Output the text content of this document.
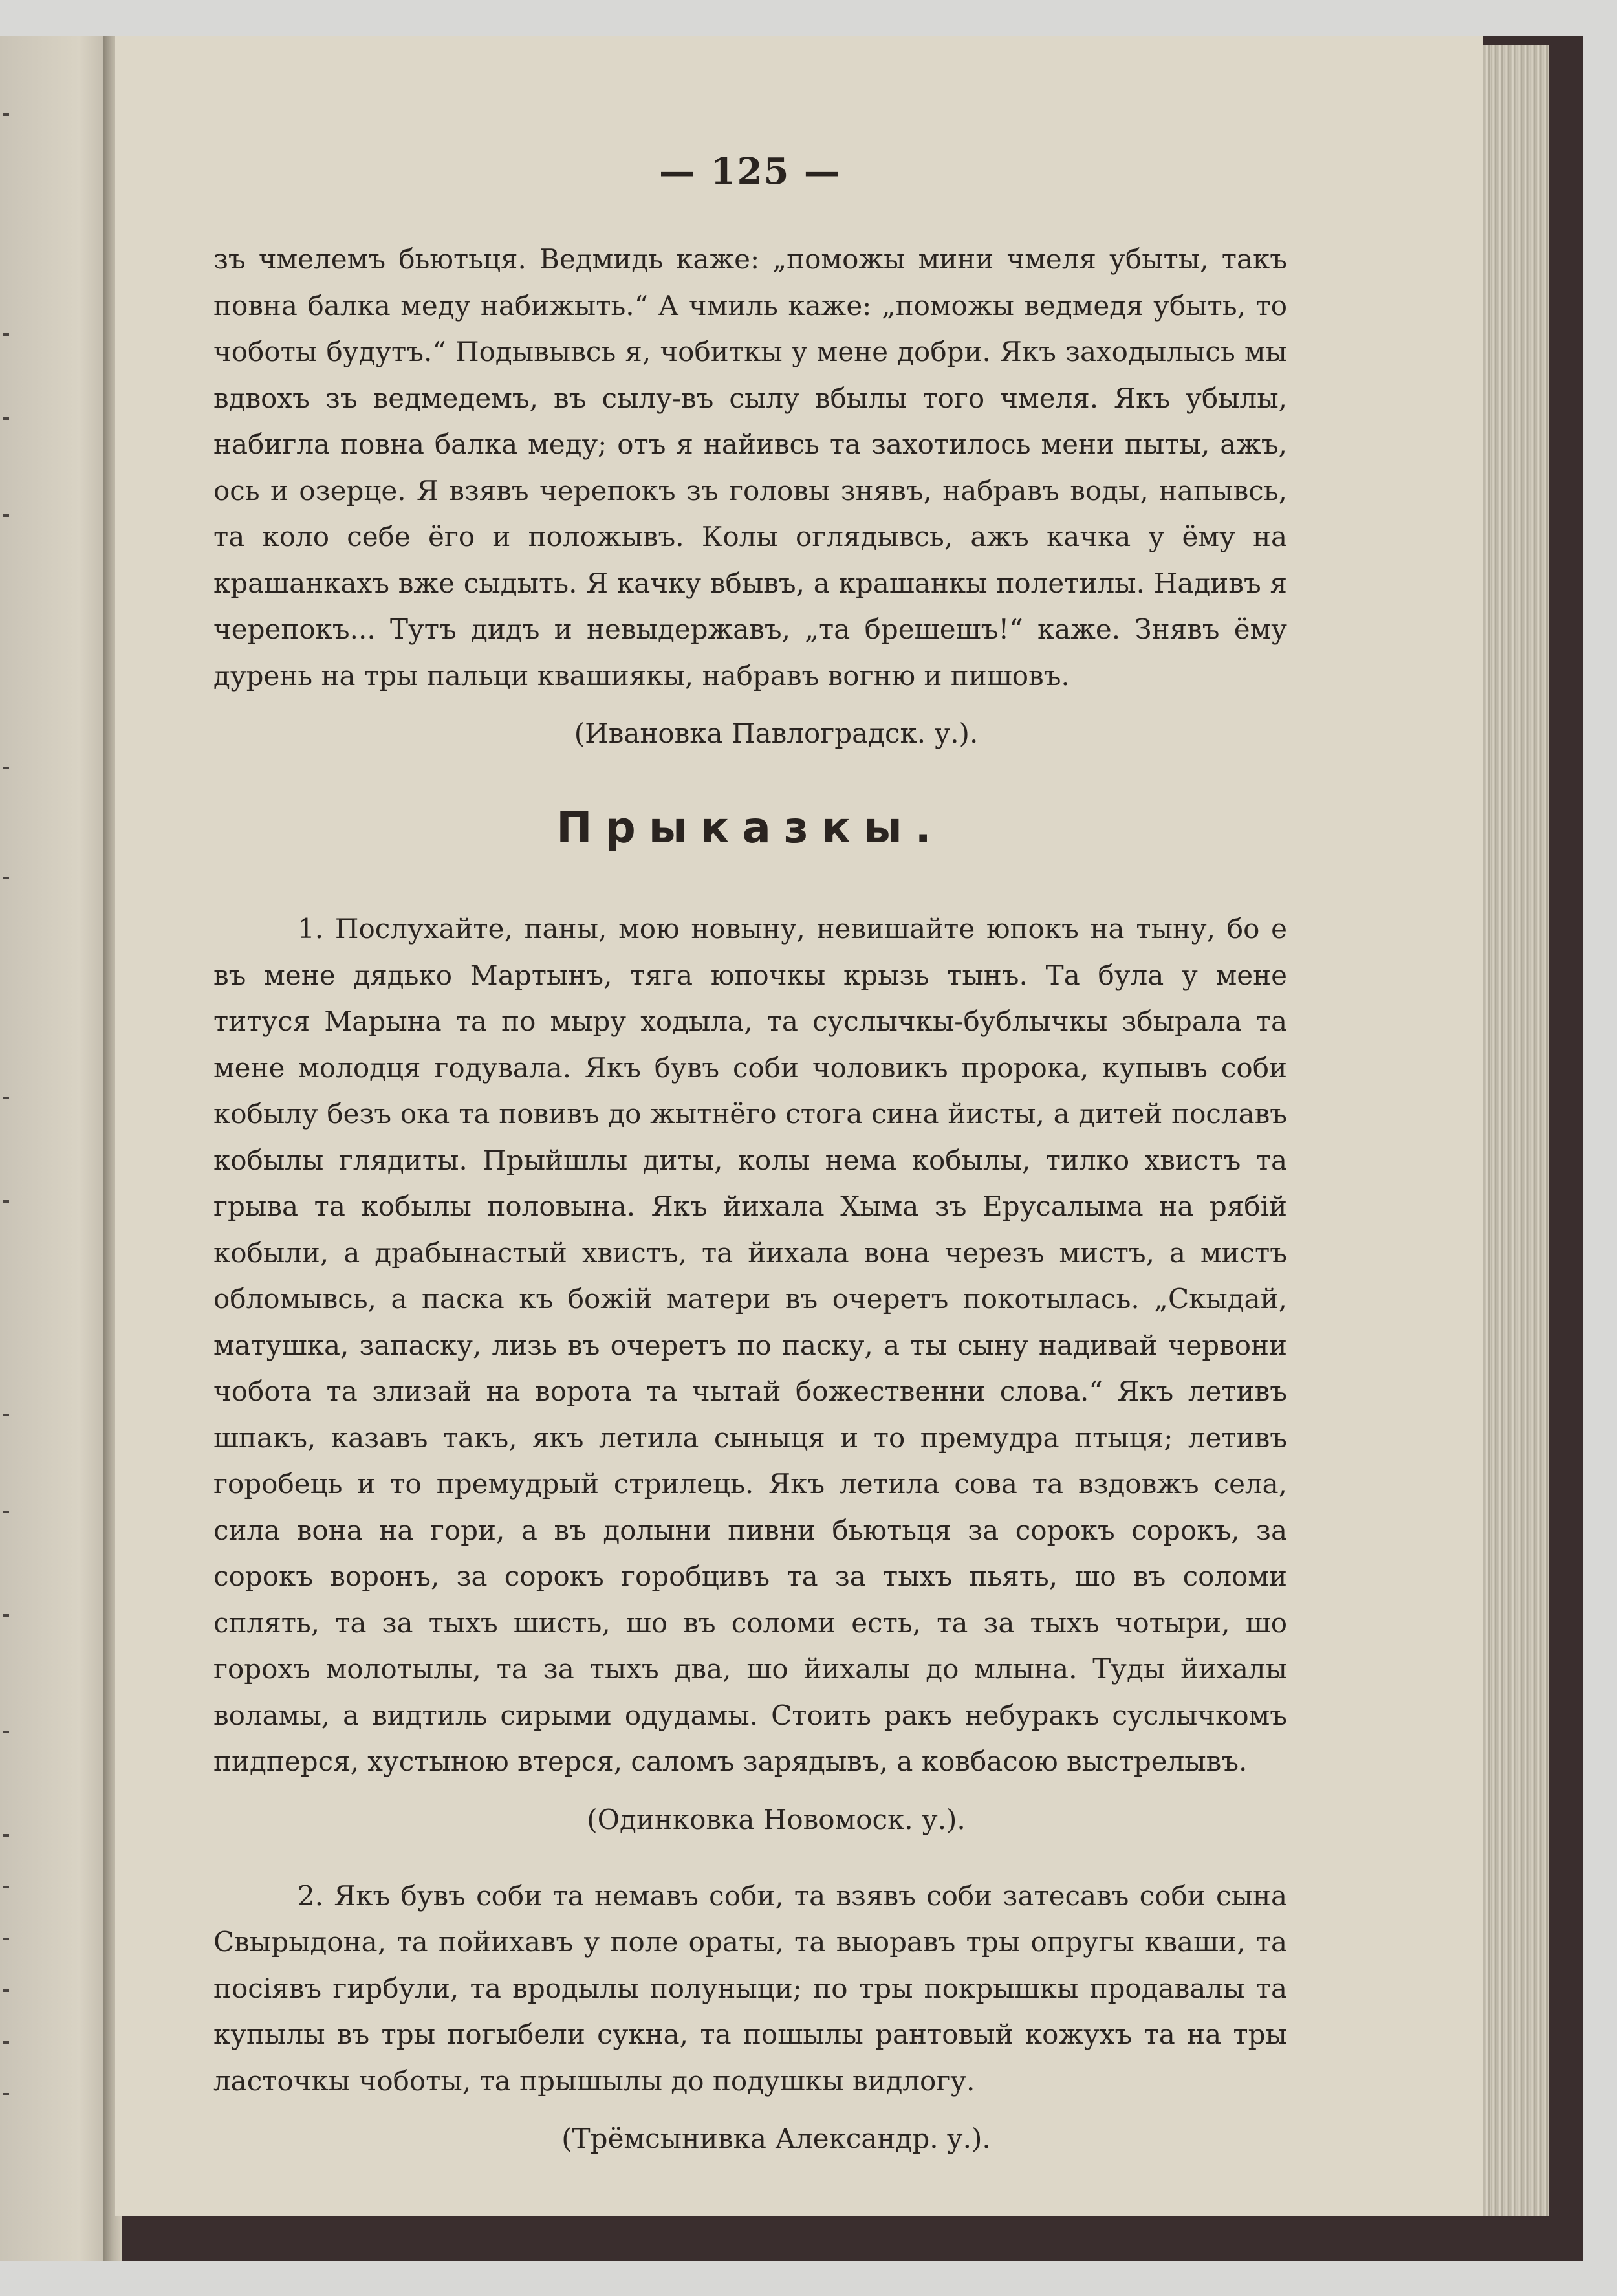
— 125 —

зъ чмелемъ бьютьця. Ведмидь каже: „поможы мини чмеля убыты, такъ повна балка меду набижыть.“ А чмиль каже: „поможы ведмедя убыть, то чоботы будутъ.“ Подывывсь я, чобиткы у мене добри. Якъ заходылысь мы вдвохъ зъ ведмедемъ, въ сылу-въ сылу вбылы того чмеля. Якъ убылы, набигла повна балка меду; отъ я найивсь та захотилось мени пыты, ажъ, ось и озерце. Я взявъ черепокъ зъ головы знявъ, набравъ воды, напывсь, та коло себе ёго и положывъ. Колы оглядывсь, ажъ качка у ёму на крашанкахъ вже сыдыть. Я качку вбывъ, а крашанкы полетилы. Надивъ я черепокъ... Тутъ дидъ и невыдержавъ, „та брешешъ!“ каже. Знявъ ёму дурень на тры пальци квашиякы, набравъ вогню и пишовъ.

(Ивановка Павлоградск. у.).

Прыказкы.

1. Послухайте, паны, мою новыну, невишайте юпокъ на тыну, бо е въ мене дядько Мартынъ, тяга юпочкы крызь тынъ. Та була у мене титуся Марына та по мыру ходыла, та суслычкы-бублычкы збырала та мене молодця годувала. Якъ бувъ соби чоловикъ пророка, купывъ соби кобылу безъ ока та повивъ до жытнёго стога сина йисты, а дитей пославъ кобылы глядиты. Прыйшлы диты, колы нема кобылы, тилко хвистъ та грыва та кобылы половына. Якъ йихала Хыма зъ Ерусалыма на рябій кобыли, а драбынастый хвистъ, та йихала вона черезъ мистъ, а мистъ обломывсь, а паска къ божій матери въ очеретъ покотылась. „Скыдай, матушка, запаску, лизь въ очеретъ по паску, а ты сыну надивай червони чобота та злизай на ворота та чытай божественни слова.“ Якъ летивъ шпакъ, казавъ такъ, якъ летила сыныця и то премудра птыця; летивъ горобець и то премудрый стрилець. Якъ летила сова та вздовжъ села, сила вона на гори, а въ долыни пивни бьютьця за сорокъ сорокъ, за сорокъ воронъ, за сорокъ горобцивъ та за тыхъ пьять, шо въ соломи сплять, та за тыхъ шисть, шо въ соломи есть, та за тыхъ чотыри, шо горохъ молотылы, та за тыхъ два, шо йихалы до млына. Туды йихалы воламы, а видтиль сирыми одудамы. Стоить ракъ небуракъ суслычкомъ пидперся, хустыною втерся, саломъ зарядывъ, а ковбасою выстрелывъ.

(Одинковка Новомоск. у.).

2. Якъ бувъ соби та немавъ соби, та взявъ соби затесавъ соби сына Свырыдона, та пойихавъ у поле ораты, та выоравъ тры опругы кваши, та посіявъ гирбули, та вродылы полуныци; по тры покрышкы продавалы та купылы въ тры погыбели сукна, та пошылы рантовый кожухъ та на тры ласточкы чоботы, та прышылы до подушкы видлогу.

(Трёмсынивка Александр. у.).
